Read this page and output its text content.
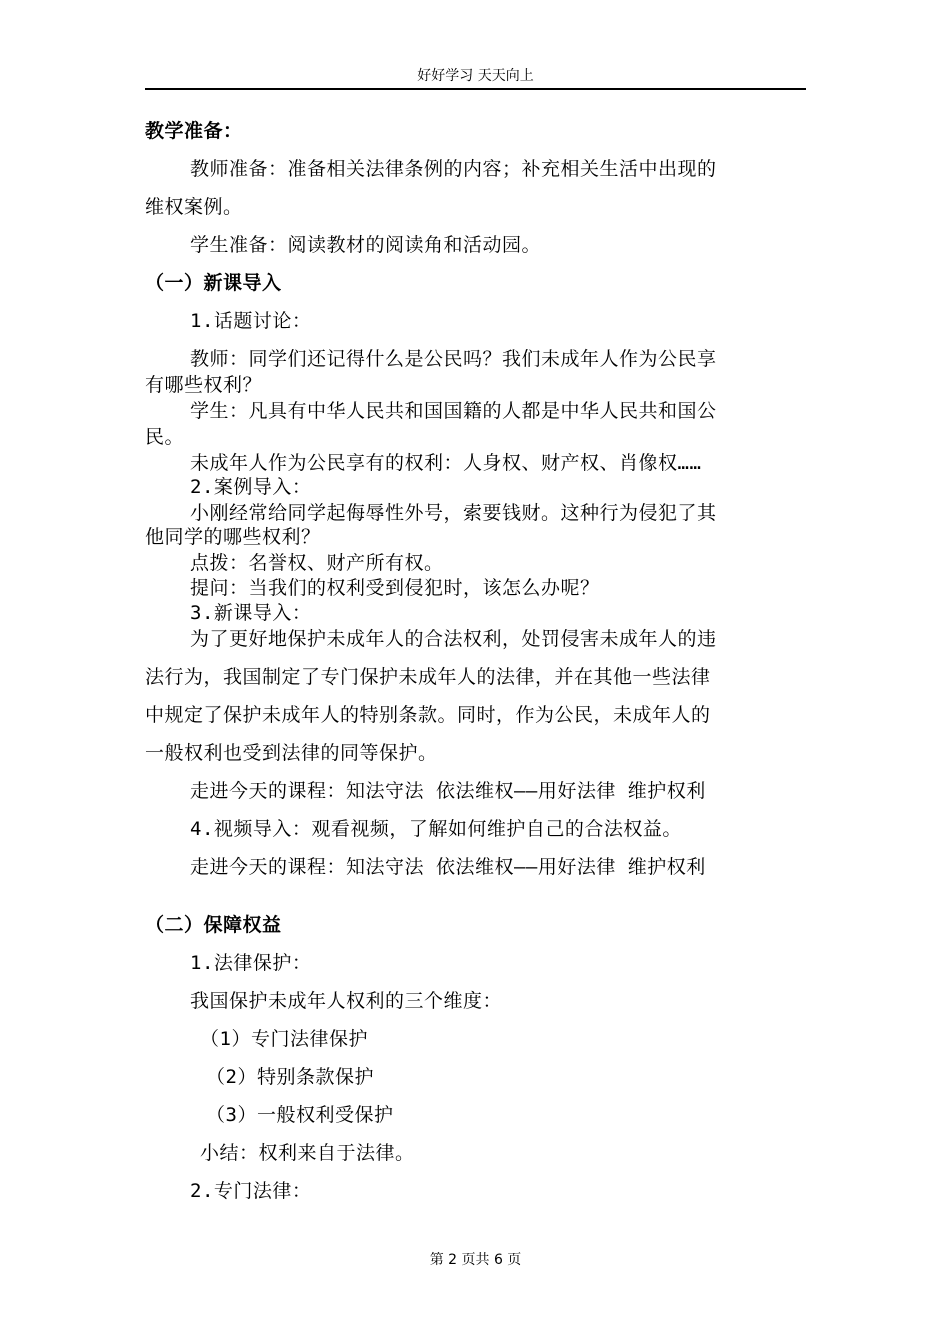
好好学习 天天向上
教学准备：
教师准备：准备相关法律条例的内容；补充相关生活中出现的
维权案例。
学生准备：阅读教材的阅读角和活动园。
（一）新课导入
1.话题讨论：
教师：同学们还记得什么是公民吗？我们未成年人作为公民享
有哪些权利？
学生：凡具有中华人民共和国国籍的人都是中华人民共和国公
民。
未成年人作为公民享有的权利：人身权、财产权、肖像权……
2.案例导入：
小刚经常给同学起侮辱性外号，索要钱财。这种行为侵犯了其
他同学的哪些权利？
点拨：名誉权、财产所有权。
提问：当我们的权利受到侵犯时，该怎么办呢？
3.新课导入：
为了更好地保护未成年人的合法权利，处罚侵害未成年人的违
法行为，我国制定了专门保护未成年人的法律，并在其他一些法律
中规定了保护未成年人的特别条款。同时，作为公民，未成年人的
一般权利也受到法律的同等保护。
走进今天的课程：知法守法 依法维权——用好法律 维护权利
4.视频导入：观看视频，了解如何维护自己的合法权益。
走进今天的课程：知法守法 依法维权——用好法律 维护权利
（二）保障权益
1.法律保护：
我国保护未成年人权利的三个维度：
（1）专门法律保护
（2）特别条款保护
（3）一般权利受保护
小结：权利来自于法律。
2.专门法律：
第 2 页共 6 页
